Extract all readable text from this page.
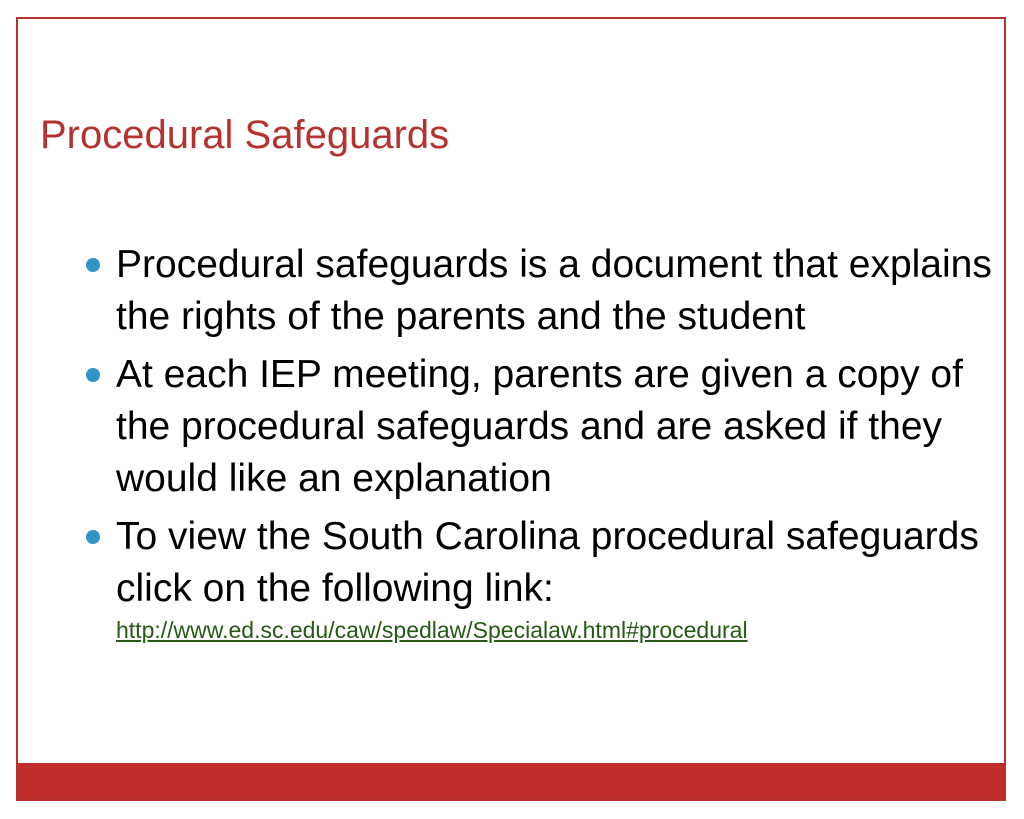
Procedural Safeguards
Procedural safeguards is a document that explains the rights of the parents and the student
At each IEP meeting, parents are given a copy of the procedural safeguards and are asked if they would like an explanation
To view the South Carolina procedural safeguards click on the following link:
http://www.ed.sc.edu/caw/spedlaw/Specialaw.html#procedural
